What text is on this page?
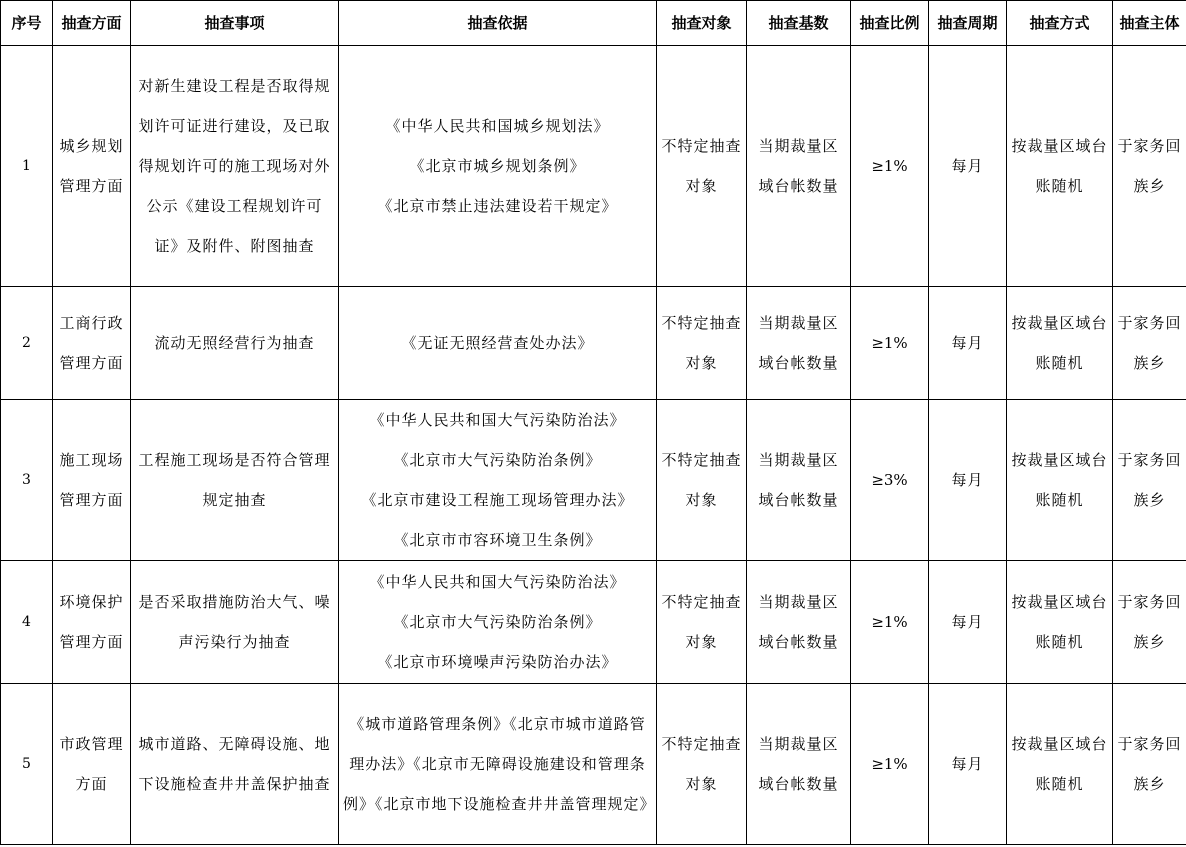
序号	抽查方面	抽查事项	抽查依据	抽查对象	抽查基数	抽查比例	抽查周期	抽查方式	抽查主体
1	城乡规划管理方面	对新生建设工程是否取得规划许可证进行建设，及已取得规划许可的施工现场对外公示《建设工程规划许可证》及附件、附图抽查	《中华人民共和国城乡规划法》
《北京市城乡规划条例》
《北京市禁止违法建设若干规定》	不特定抽查对象	当期裁量区域台帐数量	≥1%	每月	按裁量区域台账随机	于家务回族乡
2	工商行政管理方面	流动无照经营行为抽查	《无证无照经营查处办法》	不特定抽查对象	当期裁量区域台帐数量	≥1%	每月	按裁量区域台账随机	于家务回族乡
3	施工现场管理方面	工程施工现场是否符合管理规定抽查	《中华人民共和国大气污染防治法》
《北京市大气污染防治条例》
《北京市建设工程施工现场管理办法》
《北京市市容环境卫生条例》	不特定抽查对象	当期裁量区域台帐数量	≥3%	每月	按裁量区域台账随机	于家务回族乡
4	环境保护管理方面	是否采取措施防治大气、噪声污染行为抽查	《中华人民共和国大气污染防治法》
《北京市大气污染防治条例》
《北京市环境噪声污染防治办法》	不特定抽查对象	当期裁量区域台帐数量	≥1%	每月	按裁量区域台账随机	于家务回族乡
5	市政管理方面	城市道路、无障碍设施、地下设施检查井井盖保护抽查	《城市道路管理条例》《北京市城市道路管理办法》《北京市无障碍设施建设和管理条例》《北京市地下设施检查井井盖管理规定》	不特定抽查对象	当期裁量区域台帐数量	≥1%	每月	按裁量区域台账随机	于家务回族乡
